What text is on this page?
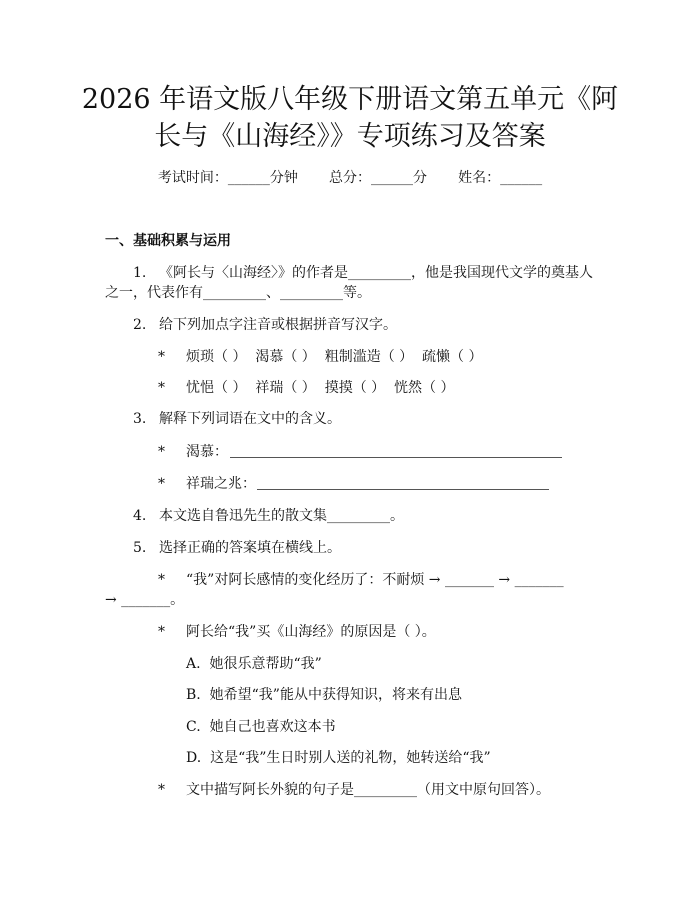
2026 年语文版八年级下册语文第五单元《阿
长与《山海经》》专项练习及答案
考试时间：______分钟 总分：______分 姓名：______
一、基础积累与运用
1. 《阿长与〈山海经〉》的作者是_________，他是我国现代文学的奠基人
之一，代表作有_________、_________等。
2. 给下列加点字注音或根据拼音写汉字。
* 烦琐（ ）  渴慕（ ）  粗制滥造（ ）  疏懒（ ）
* 忧悒（ ）  祥瑞（ ）  摸摸（ ）  恍然（ ）
3. 解释下列词语在文中的含义。
* 渴慕：
* 祥瑞之兆：
4. 本文选自鲁迅先生的散文集_________。
5. 选择正确的答案填在横线上。
* “我”对阿长感情的变化经历了：不耐烦 → _______ → _______
→ _______。
* 阿长给“我”买《山海经》的原因是（ ）。
A.  她很乐意帮助“我”
B.  她希望“我”能从中获得知识，将来有出息
C.  她自己也喜欢这本书
D.  这是“我”生日时别人送的礼物，她转送给“我”
* 文中描写阿长外貌的句子是_________（用文中原句回答）。
